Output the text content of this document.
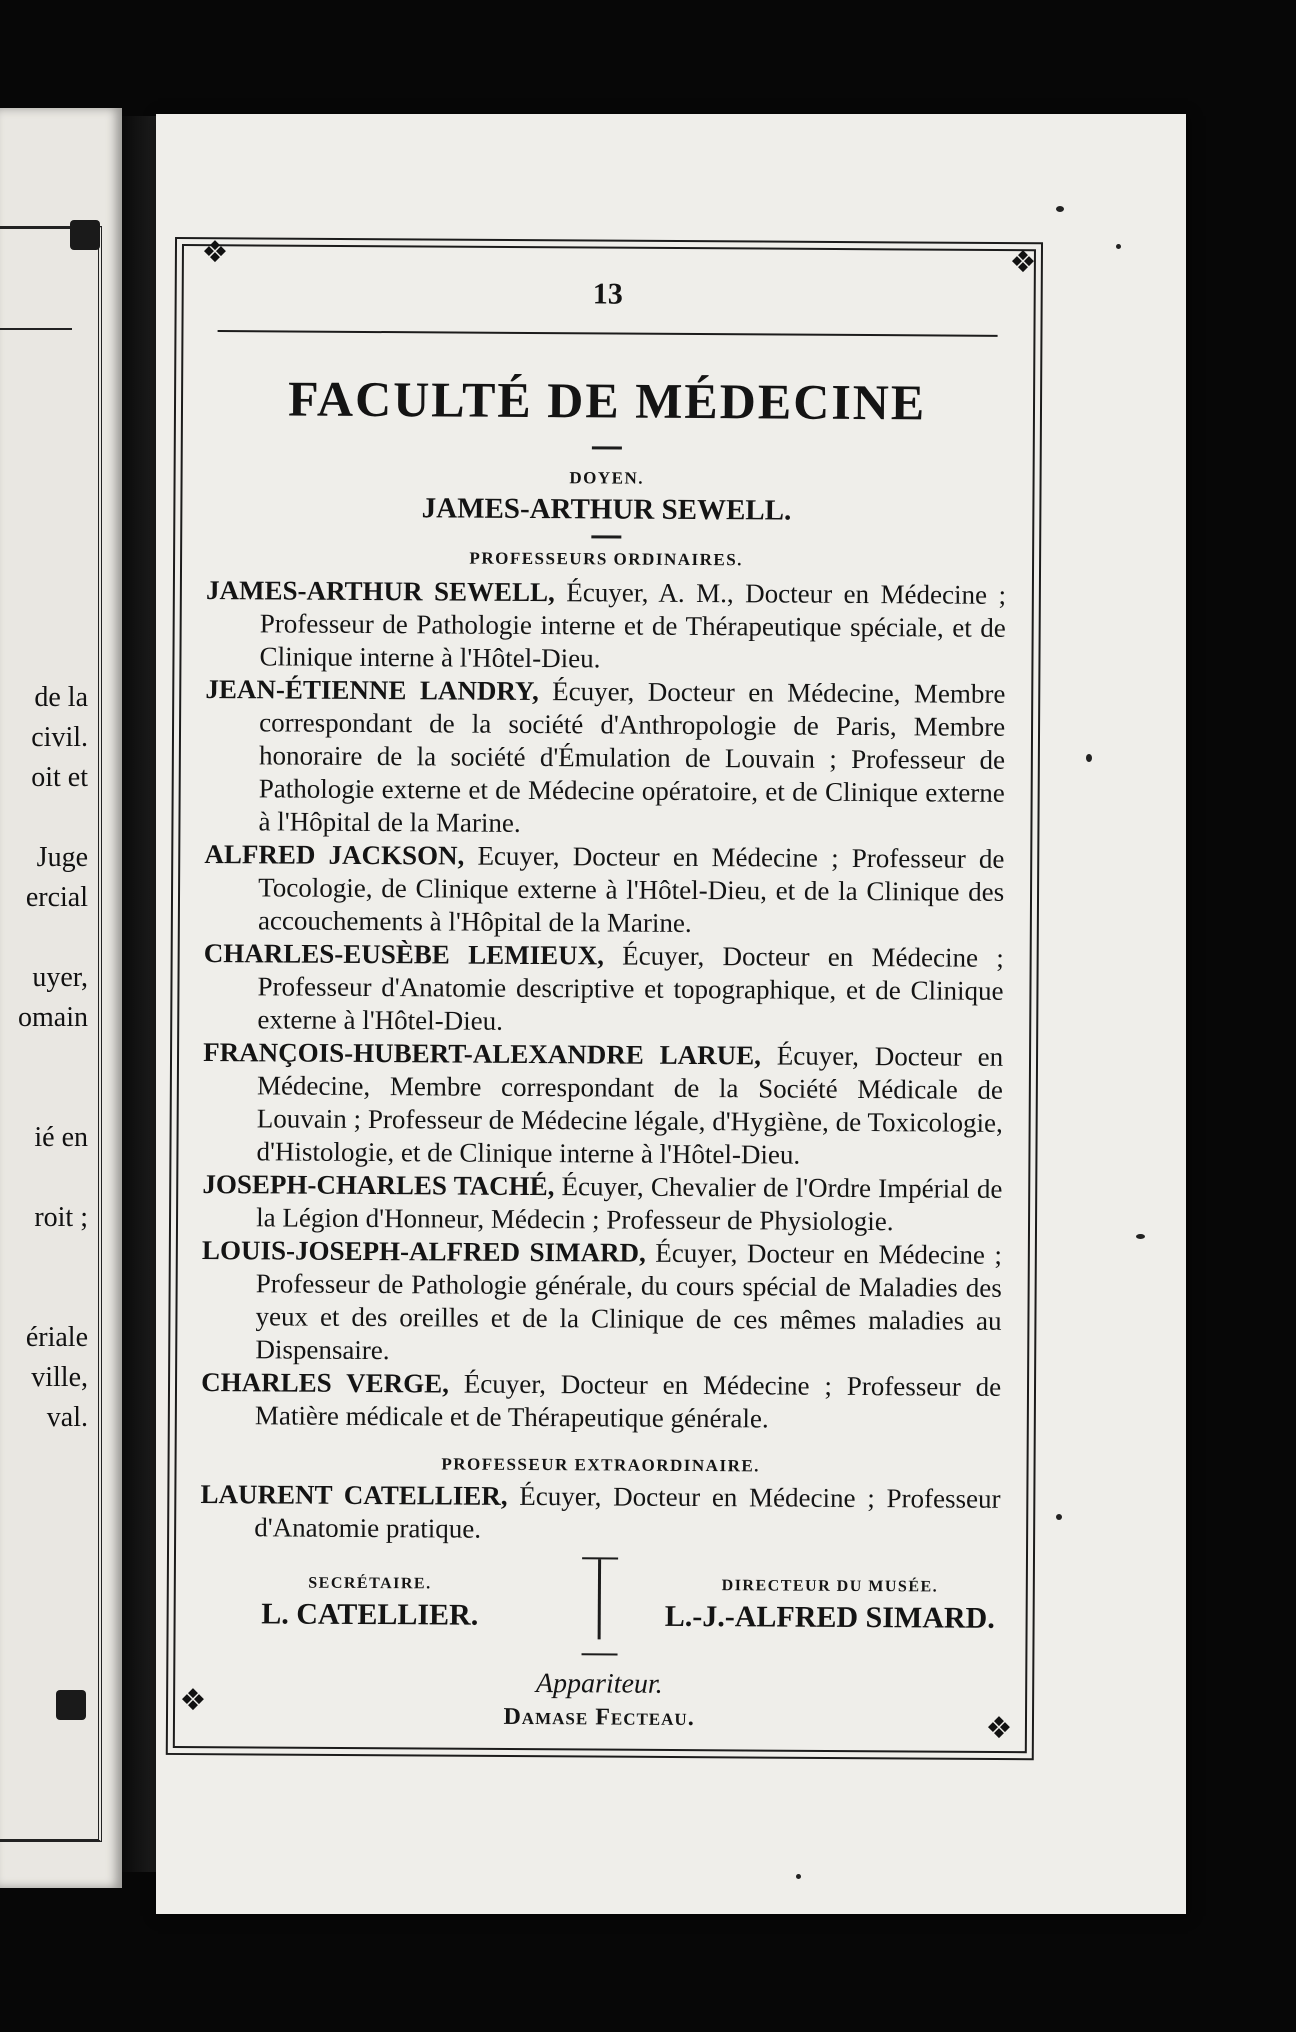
de la
civil.
oit et
Juge
ercial
uyer,
omain
ié en
roit ;
ériale
ville,
val.
❖	❖
❖
❖
13
FACULTÉ DE MÉDECINE
DOYEN.
JAMES-ARTHUR SEWELL.
PROFESSEURS ORDINAIRES.

JAMES-ARTHUR SEWELL, Écuyer, A. M., Docteur en Médecine ; Professeur de Pathologie interne et de Thérapeutique spéciale, et de Clinique interne à l'Hôtel-Dieu.

JEAN-ÉTIENNE LANDRY, Écuyer, Docteur en Médecine, Membre correspondant de la société d'Anthropologie de Paris, Membre honoraire de la société d'Émulation de Louvain ; Professeur de Pathologie externe et de Médecine opératoire, et de Clinique externe à l'Hôpital de la Marine.

ALFRED JACKSON, Ecuyer, Docteur en Médecine ; Professeur de Tocologie, de Clinique externe à l'Hôtel-Dieu, et de la Clinique des accouchements à l'Hôpital de la Marine.

CHARLES-EUSÈBE LEMIEUX, Écuyer, Docteur en Médecine ; Professeur d'Anatomie descriptive et topographique, et de Clinique externe à l'Hôtel-Dieu.

FRANÇOIS-HUBERT-ALEXANDRE LARUE, Écuyer, Docteur en Médecine, Membre correspondant de la Société Médicale de Louvain ; Professeur de Médecine légale, d'Hygiène, de Toxicologie, d'Histologie, et de Clinique interne à l'Hôtel-Dieu.

JOSEPH-CHARLES TACHÉ, Écuyer, Chevalier de l'Ordre Impérial de la Légion d'Honneur, Médecin ; Professeur de Physiologie.

LOUIS-JOSEPH-ALFRED SIMARD, Écuyer, Docteur en Médecine ; Professeur de Pathologie générale, du cours spécial de Maladies des yeux et des oreilles et de la Clinique de ces mêmes maladies au Dispensaire.

CHARLES VERGE, Écuyer, Docteur en Médecine ; Professeur de Matière médicale et de Thérapeutique générale.

PROFESSEUR EXTRAORDINAIRE.

LAURENT CATELLIER, Écuyer, Docteur en Médecine ; Professeur d'Anatomie pratique.

SECRÉTAIRE.
L. CATELLIER.
DIRECTEUR DU MUSÉE.
L.-J.-ALFRED SIMARD.
Appariteur.
Damase Fecteau.
